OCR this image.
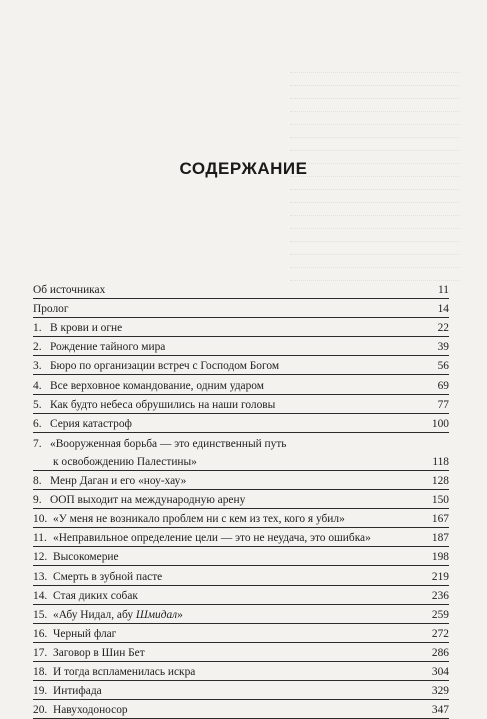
СОДЕРЖАНИЕ
Об источниках	11
Пролог	14
1. В крови и огне	22
2. Рождение тайного мира	39
3. Бюро по организации встреч с Господом Богом	56
4. Все верховное командование, одним ударом	69
5. Как будто небеса обрушились на наши головы	77
6. Серия катастроф	100
7. «Вооруженная борьба — это единственный путь
к освобождению Палестины»	118
8. Менр Даган и его «ноу-хау»	128
9. ООП выходит на международную арену	150
10. «У меня не возникало проблем ни с кем из тех, кого я убил»	167
11. «Неправильное определение цели — это не неудача, это ошибка»	187
12. Высокомерие	198
13. Смерть в зубной пасте	219
14. Стая диких собак	236
15. «Абу Нидал, абу Шмидал»	259
16. Черный флаг	272
17. Заговор в Шин Бет	286
18. И тогда вспламенилась искра	304
19. Интифада	329
20. Навуходоносор	347
